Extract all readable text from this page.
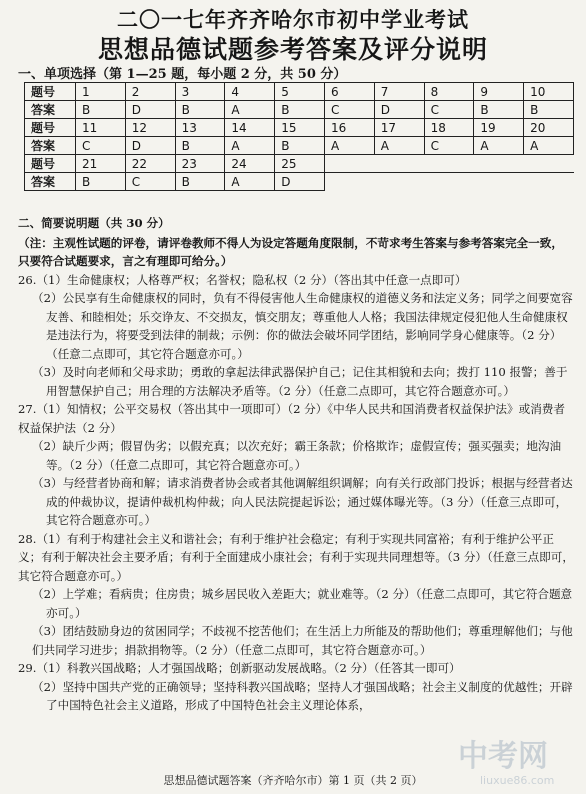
二〇一七年齐齐哈尔市初中学业考试
思想品德试题参考答案及评分说明
一、单项选择（第 1—25 题，每小题 2 分，共 50 分）
题号	1	2	3	4	5	6	7	8	9	10
答案	B	D	B	A	B	C	D	C	B	B
题号	11	12	13	14	15	16	17	18	19	20
答案	C	D	B	A	B	A	A	C	A	A
题号	21	22	23	24	25					
答案	B	C	B	A	D					
二、简要说明题（共 30 分）
（注：主观性试题的评卷，请评卷教师不得人为设定答题角度限制，不苛求考生答案与参考答案完全一致，只要符合试题要求，言之有理即可给分。）
26.（1）生命健康权；人格尊严权；名誉权；隐私权（2 分）（答出其中任意一点即可）
（2）公民享有生命健康权的同时，负有不得侵害他人生命健康权的道德义务和法定义务；同学之间要宽容友善、和睦相处；乐交诤友、不交损友，慎交朋友；尊重他人人格；我国法律规定侵犯他人生命健康权是违法行为，将要受到法律的制裁；示例：你的做法会破坏同学团结，影响同学身心健康等。（2 分）（任意二点即可，其它符合题意亦可。）
（3）及时向老师和父母求助；勇敢的拿起法律武器保护自己；记住其相貌和去向；拨打 110 报警；善于用智慧保护自己；用合理的方法解决矛盾等。（2 分）（任意二点即可，其它符合题意亦可。）
27.（1）知情权；公平交易权（答出其中一项即可）（2 分）《中华人民共和国消费者权益保护法》或消费者权益保护法（2 分）
（2）缺斤少两；假冒伪劣；以假充真；以次充好；霸王条款；价格欺诈；虚假宣传；强买强卖；地沟油等。（2 分）（任意二点即可，其它符合题意亦可。）
（3）与经营者协商和解；请求消费者协会或者其他调解组织调解；向有关行政部门投诉；根据与经营者达成的仲裁协议，提请仲裁机构仲裁；向人民法院提起诉讼；通过媒体曝光等。（3 分）（任意三点即可，其它符合题意亦可。）
28.（1）有利于构建社会主义和谐社会；有利于维护社会稳定；有利于实现共同富裕；有利于维护公平正义；有利于解决社会主要矛盾；有利于全面建成小康社会；有利于实现共同理想等。（3 分）（任意三点即可，其它符合题意亦可。）
（2）上学难；看病贵；住房贵；城乡居民收入差距大；就业难等。（2 分）（任意二点即可，其它符合题意亦可。）
（3）团结鼓励身边的贫困同学；不歧视不挖苦他们；在生活上力所能及的帮助他们；尊重理解他们；与他们共同学习进步；捐款捐物等。（2 分）（任意二点即可，其它符合题意亦可。）
29.（1）科教兴国战略；人才强国战略；创新驱动发展战略。（2 分）（任答其一即可）
（2）坚持中国共产党的正确领导；坚持科教兴国战略；坚持人才强国战略；社会主义制度的优越性；开辟了中国特色社会主义道路，形成了中国特色社会主义理论体系，
思想品德试题答案（齐齐哈尔市）第 1 页（共 2 页）
中考网
liuxue86.com
